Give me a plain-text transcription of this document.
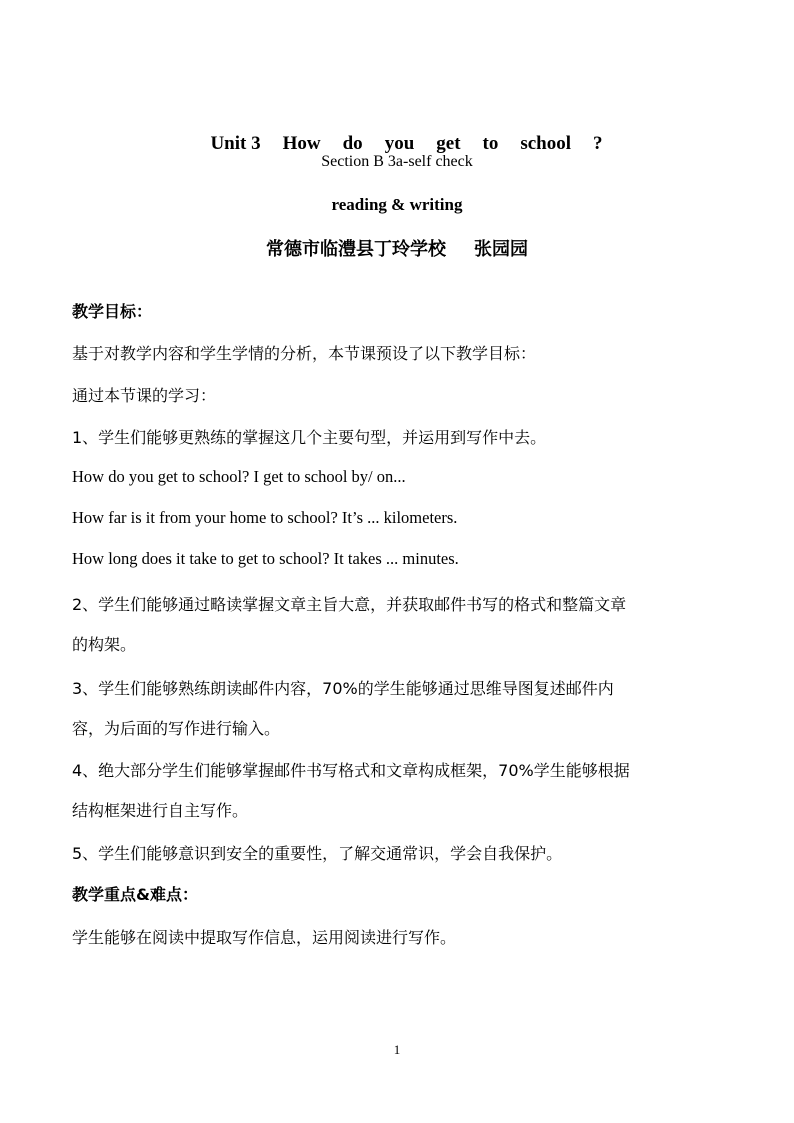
Unit 3 How do you get to school ?

Section B 3a-self check
reading & writing
常德市临澧县丁玲学校 张园园
教学目标：
基于对教学内容和学生学情的分析，本节课预设了以下教学目标：
通过本节课的学习：
1、学生们能够更熟练的掌握这几个主要句型，并运用到写作中去。
How do you get to school? I get to school by/ on...
How far is it from your home to school? It’s ... kilometers.
How long does it take to get to school? It takes ... minutes.
2、学生们能够通过略读掌握文章主旨大意，并获取邮件书写的格式和整篇文章
的构架。
3、学生们能够熟练朗读邮件内容，70%的学生能够通过思维导图复述邮件内
容，为后面的写作进行输入。
4、绝大部分学生们能够掌握邮件书写格式和文章构成框架，70%学生能够根据
结构框架进行自主写作。
5、学生们能够意识到安全的重要性，了解交通常识，学会自我保护。
教学重点&难点：
学生能够在阅读中提取写作信息，运用阅读进行写作。
1
